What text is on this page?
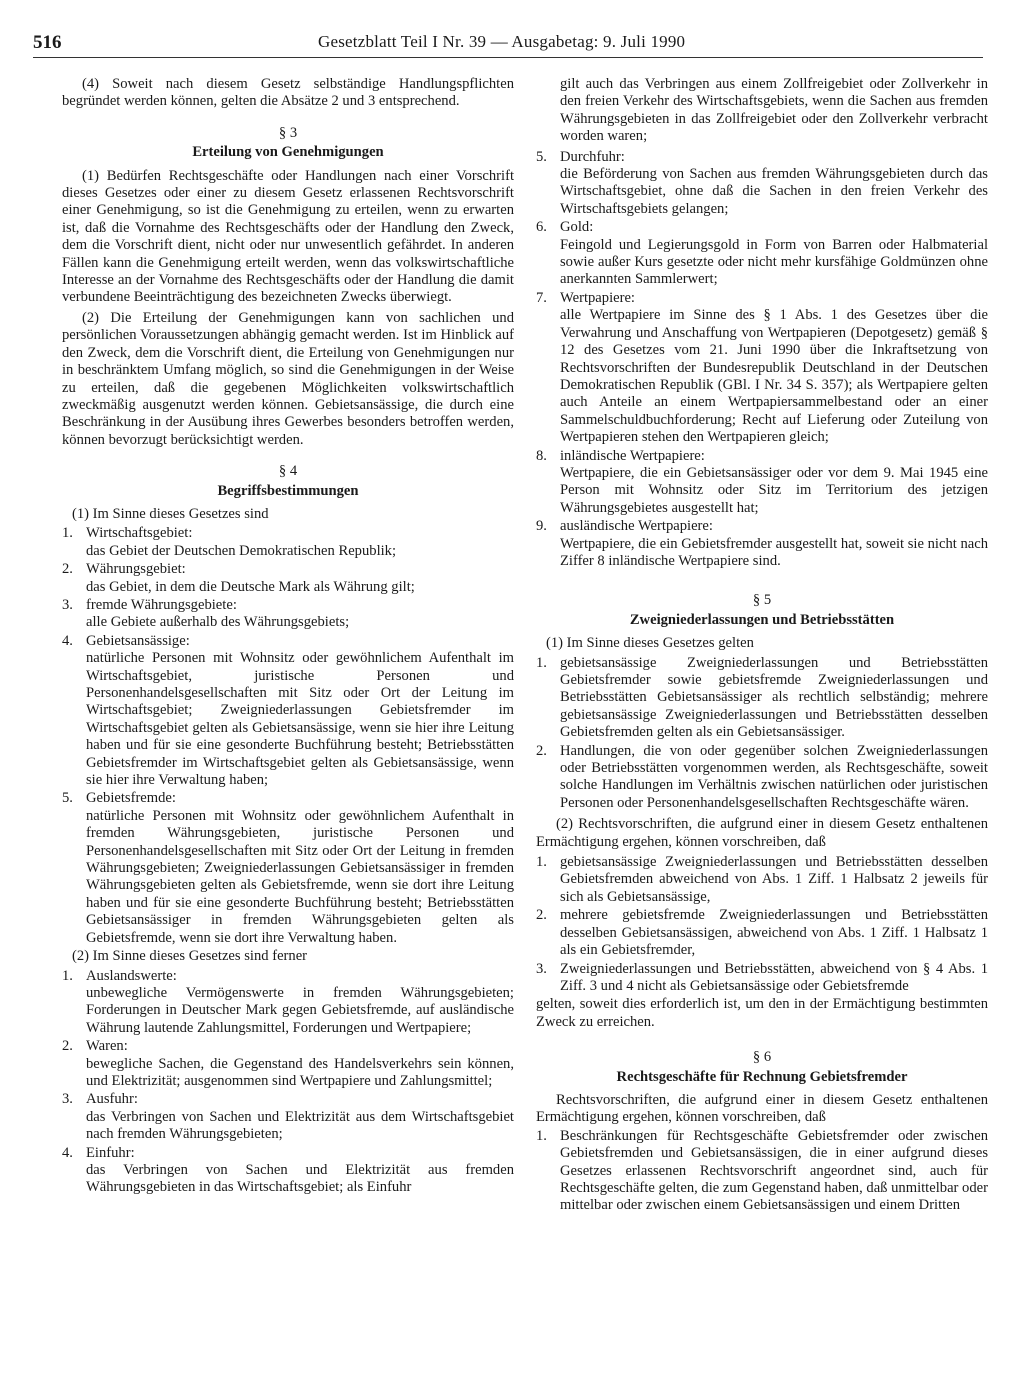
516	Gesetzblatt Teil I Nr. 39 — Ausgabetag: 9. Juli 1990

(4) Soweit nach diesem Gesetz selbständige Handlungspflichten begründet werden können, gelten die Absätze 2 und 3 entsprechend.

§ 3

Erteilung von Genehmigungen

(1) Bedürfen Rechtsgeschäfte oder Handlungen nach einer Vorschrift dieses Gesetzes oder einer zu diesem Gesetz erlassenen Rechtsvorschrift einer Genehmigung, so ist die Genehmigung zu erteilen, wenn zu erwarten ist, daß die Vornahme des Rechtsgeschäfts oder der Handlung den Zweck, dem die Vorschrift dient, nicht oder nur unwesentlich gefährdet. In anderen Fällen kann die Genehmigung erteilt werden, wenn das volkswirtschaftliche Interesse an der Vornahme des Rechtsgeschäfts oder der Handlung die damit verbundene Beeinträchtigung des bezeichneten Zwecks überwiegt.

(2) Die Erteilung der Genehmigungen kann von sachlichen und persönlichen Voraussetzungen abhängig gemacht werden. Ist im Hinblick auf den Zweck, dem die Vorschrift dient, die Erteilung von Genehmigungen nur in beschränktem Umfang möglich, so sind die Genehmigungen in der Weise zu erteilen, daß die gegebenen Möglichkeiten volkswirtschaftlich zweckmäßig ausgenutzt werden können. Gebietsansässige, die durch eine Beschränkung in der Ausübung ihres Gewerbes besonders betroffen werden, können bevorzugt berücksichtigt werden.

§ 4

Begriffsbestimmungen

(1) Im Sinne dieses Gesetzes sind

1. Wirtschaftsgebiet:
das Gebiet der Deutschen Demokratischen Republik;
2. Währungsgebiet:
das Gebiet, in dem die Deutsche Mark als Währung gilt;
3. fremde Währungsgebiete:
alle Gebiete außerhalb des Währungsgebiets;
4. Gebietsansässige:
natürliche Personen mit Wohnsitz oder gewöhnlichem Aufenthalt im Wirtschaftsgebiet, juristische Personen und Personenhandelsgesellschaften mit Sitz oder Ort der Leitung im Wirtschaftsgebiet; Zweigniederlassungen Gebietsfremder im Wirtschaftsgebiet gelten als Gebietsansässige, wenn sie hier ihre Leitung haben und für sie eine gesonderte Buchführung besteht; Betriebsstätten Gebietsfremder im Wirtschaftsgebiet gelten als Gebietsansässige, wenn sie hier ihre Verwaltung haben;
5. Gebietsfremde:
natürliche Personen mit Wohnsitz oder gewöhnlichem Aufenthalt in fremden Währungsgebieten, juristische Personen und Personenhandelsgesellschaften mit Sitz oder Ort der Leitung in fremden Währungsgebieten; Zweigniederlassungen Gebietsansässiger in fremden Währungsgebieten gelten als Gebietsfremde, wenn sie dort ihre Leitung haben und für sie eine gesonderte Buchführung besteht; Betriebsstätten Gebietsansässiger in fremden Währungsgebieten gelten als Gebietsfremde, wenn sie dort ihre Verwaltung haben.

(2) Im Sinne dieses Gesetzes sind ferner

1. Auslandswerte:
unbewegliche Vermögenswerte in fremden Währungsgebieten; Forderungen in Deutscher Mark gegen Gebietsfremde, auf ausländische Währung lautende Zahlungsmittel, Forderungen und Wertpapiere;
2. Waren:
bewegliche Sachen, die Gegenstand des Handelsverkehrs sein können, und Elektrizität; ausgenommen sind Wertpapiere und Zahlungsmittel;
3. Ausfuhr:
das Verbringen von Sachen und Elektrizität aus dem Wirtschaftsgebiet nach fremden Währungsgebieten;
4. Einfuhr:
das Verbringen von Sachen und Elektrizität aus fremden Währungsgebieten in das Wirtschaftsgebiet; als Einfuhr

gilt auch das Verbringen aus einem Zollfreigebiet oder Zollverkehr in den freien Verkehr des Wirtschaftsgebiets, wenn die Sachen aus fremden Währungsgebieten in das Zollfreigebiet oder den Zollverkehr verbracht worden waren;

5. Durchfuhr:
die Beförderung von Sachen aus fremden Währungsgebieten durch das Wirtschaftsgebiet, ohne daß die Sachen in den freien Verkehr des Wirtschaftsgebiets gelangen;
6. Gold:
Feingold und Legierungsgold in Form von Barren oder Halbmaterial sowie außer Kurs gesetzte oder nicht mehr kursfähige Goldmünzen ohne anerkannten Sammlerwert;
7. Wertpapiere:
alle Wertpapiere im Sinne des § 1 Abs. 1 des Gesetzes über die Verwahrung und Anschaffung von Wertpapieren (Depotgesetz) gemäß § 12 des Gesetzes vom 21. Juni 1990 über die Inkraftsetzung von Rechtsvorschriften der Bundesrepublik Deutschland in der Deutschen Demokratischen Republik (GBl. I Nr. 34 S. 357); als Wertpapiere gelten auch Anteile an einem Wertpapiersammelbestand oder an einer Sammelschuldbuchforderung; Recht auf Lieferung oder Zuteilung von Wertpapieren stehen den Wertpapieren gleich;
8. inländische Wertpapiere:
Wertpapiere, die ein Gebietsansässiger oder vor dem 9. Mai 1945 eine Person mit Wohnsitz oder Sitz im Territorium des jetzigen Währungsgebietes ausgestellt hat;
9. ausländische Wertpapiere:
Wertpapiere, die ein Gebietsfremder ausgestellt hat, soweit sie nicht nach Ziffer 8 inländische Wertpapiere sind.

§ 5

Zweigniederlassungen und Betriebsstätten

(1) Im Sinne dieses Gesetzes gelten

1. gebietsansässige Zweigniederlassungen und Betriebsstätten Gebietsfremder sowie gebietsfremde Zweigniederlassungen und Betriebsstätten Gebietsansässiger als rechtlich selbständig; mehrere gebietsansässige Zweigniederlassungen und Betriebsstätten desselben Gebietsfremden gelten als ein Gebietsansässiger.
2. Handlungen, die von oder gegenüber solchen Zweigniederlassungen oder Betriebsstätten vorgenommen werden, als Rechtsgeschäfte, soweit solche Handlungen im Verhältnis zwischen natürlichen oder juristischen Personen oder Personenhandelsgesellschaften Rechtsgeschäfte wären.

(2) Rechtsvorschriften, die aufgrund einer in diesem Gesetz enthaltenen Ermächtigung ergehen, können vorschreiben, daß

1. gebietsansässige Zweigniederlassungen und Betriebsstätten desselben Gebietsfremden abweichend von Abs. 1 Ziff. 1 Halbsatz 2 jeweils für sich als Gebietsansässige,
2. mehrere gebietsfremde Zweigniederlassungen und Betriebsstätten desselben Gebietsansässigen, abweichend von Abs. 1 Ziff. 1 Halbsatz 1 als ein Gebietsfremder,
3. Zweigniederlassungen und Betriebsstätten, abweichend von § 4 Abs. 1 Ziff. 3 und 4 nicht als Gebietsansässige oder Gebietsfremde

gelten, soweit dies erforderlich ist, um den in der Ermächtigung bestimmten Zweck zu erreichen.

§ 6

Rechtsgeschäfte für Rechnung Gebietsfremder

Rechtsvorschriften, die aufgrund einer in diesem Gesetz enthaltenen Ermächtigung ergehen, können vorschreiben, daß

1. Beschränkungen für Rechtsgeschäfte Gebietsfremder oder zwischen Gebietsfremden und Gebietsansässigen, die in einer aufgrund dieses Gesetzes erlassenen Rechtsvorschrift angeordnet sind, auch für Rechtsgeschäfte gelten, die zum Gegenstand haben, daß unmittelbar oder mittelbar oder zwischen einem Gebietsansässigen und einem Dritten
